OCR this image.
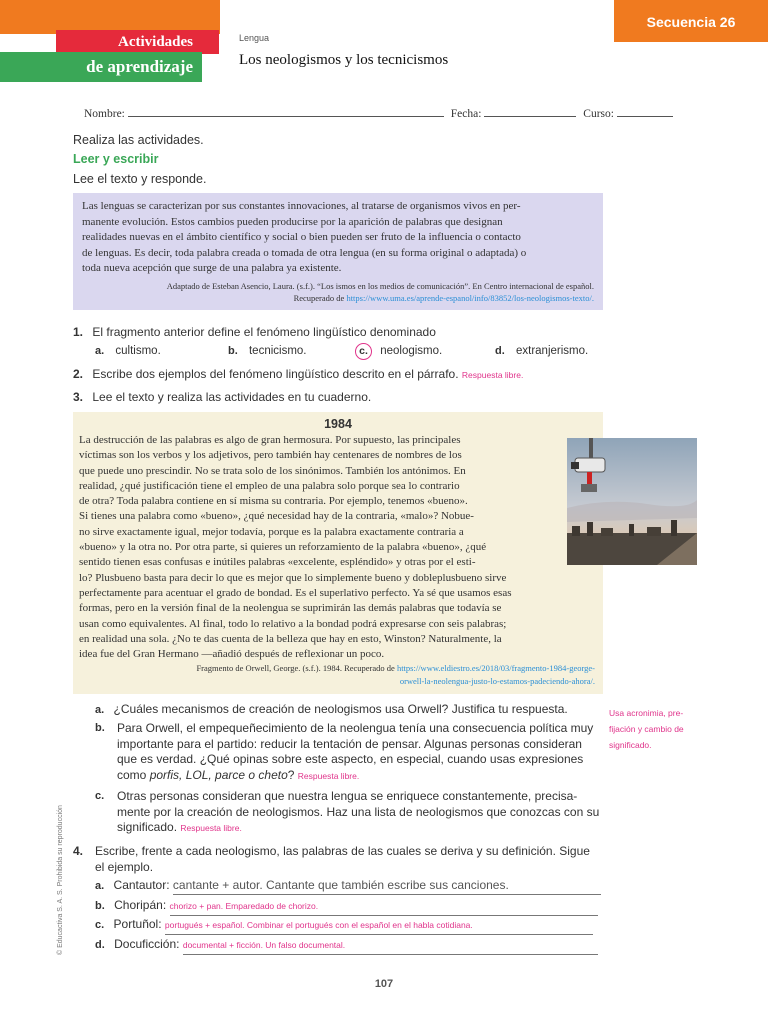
Actividades
de aprendizaje
Secuencia 26
Lengua
Los neologismos y los tecnicismos
Nombre:	Fecha:	Curso:
Realiza las actividades.
Leer y escribir
Lee el texto y responde.

Las lenguas se caracterizan por sus constantes innovaciones, al tratarse de organismos vivos en per-

manente evolución. Estos cambios pueden producirse por la aparición de palabras que designan

realidades nuevas en el ámbito científico y social o bien pueden ser fruto de la influencia o contacto

de lenguas. Es decir, toda palabra creada o tomada de otra lengua (en su forma original o adaptada) o

toda nueva acepción que surge de una palabra ya existente.

Adaptado de Esteban Asencio, Laura. (s.f.). “Los ismos en los medios de comunicación”. En Centro internacional de español.

Recuperado de https://www.uma.es/aprende-espanol/info/83852/los-neologismos-texto/.

1. El fragmento anterior define el fenómeno lingüístico denominado
a. cultismo.	b. tecnicismo.	c. neologismo.	d. extranjerismo.
2. Escribe dos ejemplos del fenómeno lingüístico descrito en el párrafo. Respuesta libre.
3. Lee el texto y realiza las actividades en tu cuaderno.
1984
La destrucción de las palabras es algo de gran hermosura. Por supuesto, las principales
víctimas son los verbos y los adjetivos, pero también hay centenares de nombres de los
que puede uno prescindir. No se trata solo de los sinónimos. También los antónimos. En
realidad, ¿qué justificación tiene el empleo de una palabra solo porque sea lo contrario
de otra? Toda palabra contiene en sí misma su contraria. Por ejemplo, tenemos «bueno».
Si tienes una palabra como «bueno», ¿qué necesidad hay de la contraria, «malo»? Nobue-
no sirve exactamente igual, mejor todavía, porque es la palabra exactamente contraria a
«bueno» y la otra no. Por otra parte, si quieres un reforzamiento de la palabra «bueno», ¿qué
sentido tienen esas confusas e inútiles palabras «excelente, espléndido» y otras por el esti-
lo? Plusbueno basta para decir lo que es mejor que lo simplemente bueno y dobleplusbueno sirve
perfectamente para acentuar el grado de bondad. Es el superlativo perfecto. Ya sé que usamos esas
formas, pero en la versión final de la neolengua se suprimirán las demás palabras que todavía se
usan como equivalentes. Al final, todo lo relativo a la bondad podrá expresarse con seis palabras;
en realidad una sola. ¿No te das cuenta de la belleza que hay en esto, Winston? Naturalmente, la
idea fue del Gran Hermano —añadió después de reflexionar un poco.
Fragmento de Orwell, George. (s.f.). 1984. Recuperado de https://www.eldiestro.es/2018/03/fragmento-1984-george-
orwell-la-neolengua-justo-lo-estamos-padeciendo-ahora/.
a. ¿Cuáles mecanismos de creación de neologismos usa Orwell? Justifica tu respuesta.	Usa acronimia, pre-
fijación y cambio de
significado.
b. Para Orwell, el empequeñecimiento de la neolengua tenía una consecuencia política muy
importante para el partido: reducir la tentación de pensar. Algunas personas consideran
que es verdad. ¿Qué opinas sobre este aspecto, en especial, cuando usas expresiones
como porfis, LOL, parce o cheto? Respuesta libre.
c. Otras personas consideran que nuestra lengua se enriquece constantemente, precisa-
mente por la creación de neologismos. Haz una lista de neologismos que conozcas con su
significado. Respuesta libre.
4. Escribe, frente a cada neologismo, las palabras de las cuales se deriva y su definición. Sigue
el ejemplo.
a. Cantautor: cantante + autor. Cantante que también escribe sus canciones.
b. Choripán: chorizo + pan. Emparedado de chorizo.
c. Portuñol: portugués + español. Combinar el portugués con el español en el habla cotidiana.
d. Docuficción: documental + ficción. Un falso documental.
© Educactiva S. A. S. Prohibida su reproducción
107
